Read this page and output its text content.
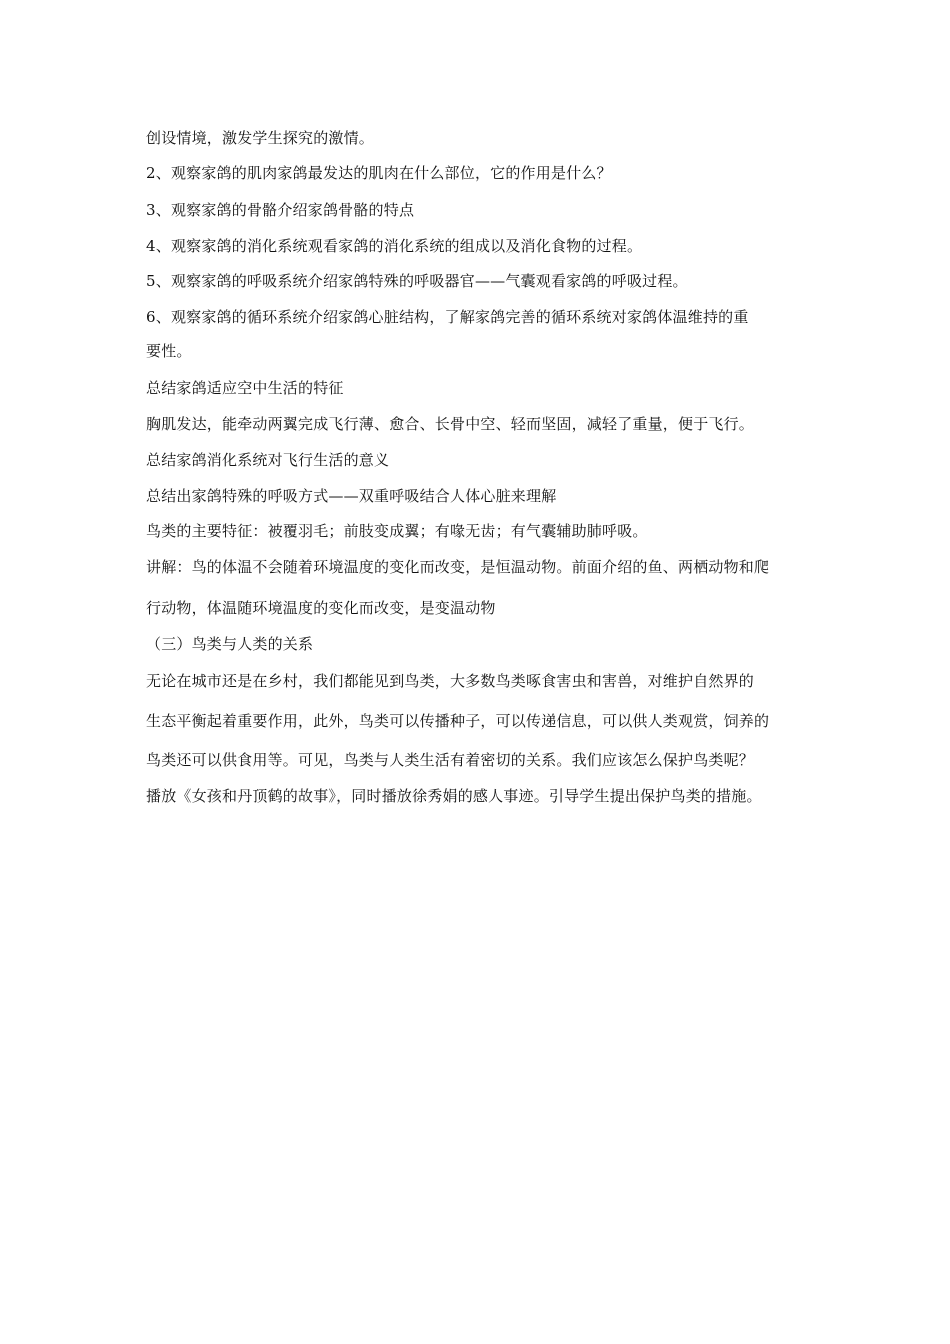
创设情境，激发学生探究的激情。
2、观察家鸽的肌肉家鸽最发达的肌肉在什么部位，它的作用是什么？
3、观察家鸽的骨骼介绍家鸽骨骼的特点
4、观察家鸽的消化系统观看家鸽的消化系统的组成以及消化食物的过程。
5、观察家鸽的呼吸系统介绍家鸽特殊的呼吸器官——气囊观看家鸽的呼吸过程。
6、观察家鸽的循环系统介绍家鸽心脏结构，了解家鸽完善的循环系统对家鸽体温维持的重
要性。
总结家鸽适应空中生活的特征
胸肌发达，能牵动两翼完成飞行薄、愈合、长骨中空、轻而坚固，减轻了重量，便于飞行。
总结家鸽消化系统对飞行生活的意义
总结出家鸽特殊的呼吸方式——双重呼吸结合人体心脏来理解
鸟类的主要特征：被覆羽毛；前肢变成翼；有喙无齿；有气囊辅助肺呼吸。
讲解：鸟的体温不会随着环境温度的变化而改变，是恒温动物。前面介绍的鱼、两栖动物和爬
行动物，体温随环境温度的变化而改变，是变温动物
（三）鸟类与人类的关系
无论在城市还是在乡村，我们都能见到鸟类，大多数鸟类啄食害虫和害兽，对维护自然界的
生态平衡起着重要作用，此外，鸟类可以传播种子，可以传递信息，可以供人类观赏，饲养的
鸟类还可以供食用等。可见，鸟类与人类生活有着密切的关系。我们应该怎么保护鸟类呢？
播放《女孩和丹顶鹤的故事》，同时播放徐秀娟的感人事迹。引导学生提出保护鸟类的措施。
